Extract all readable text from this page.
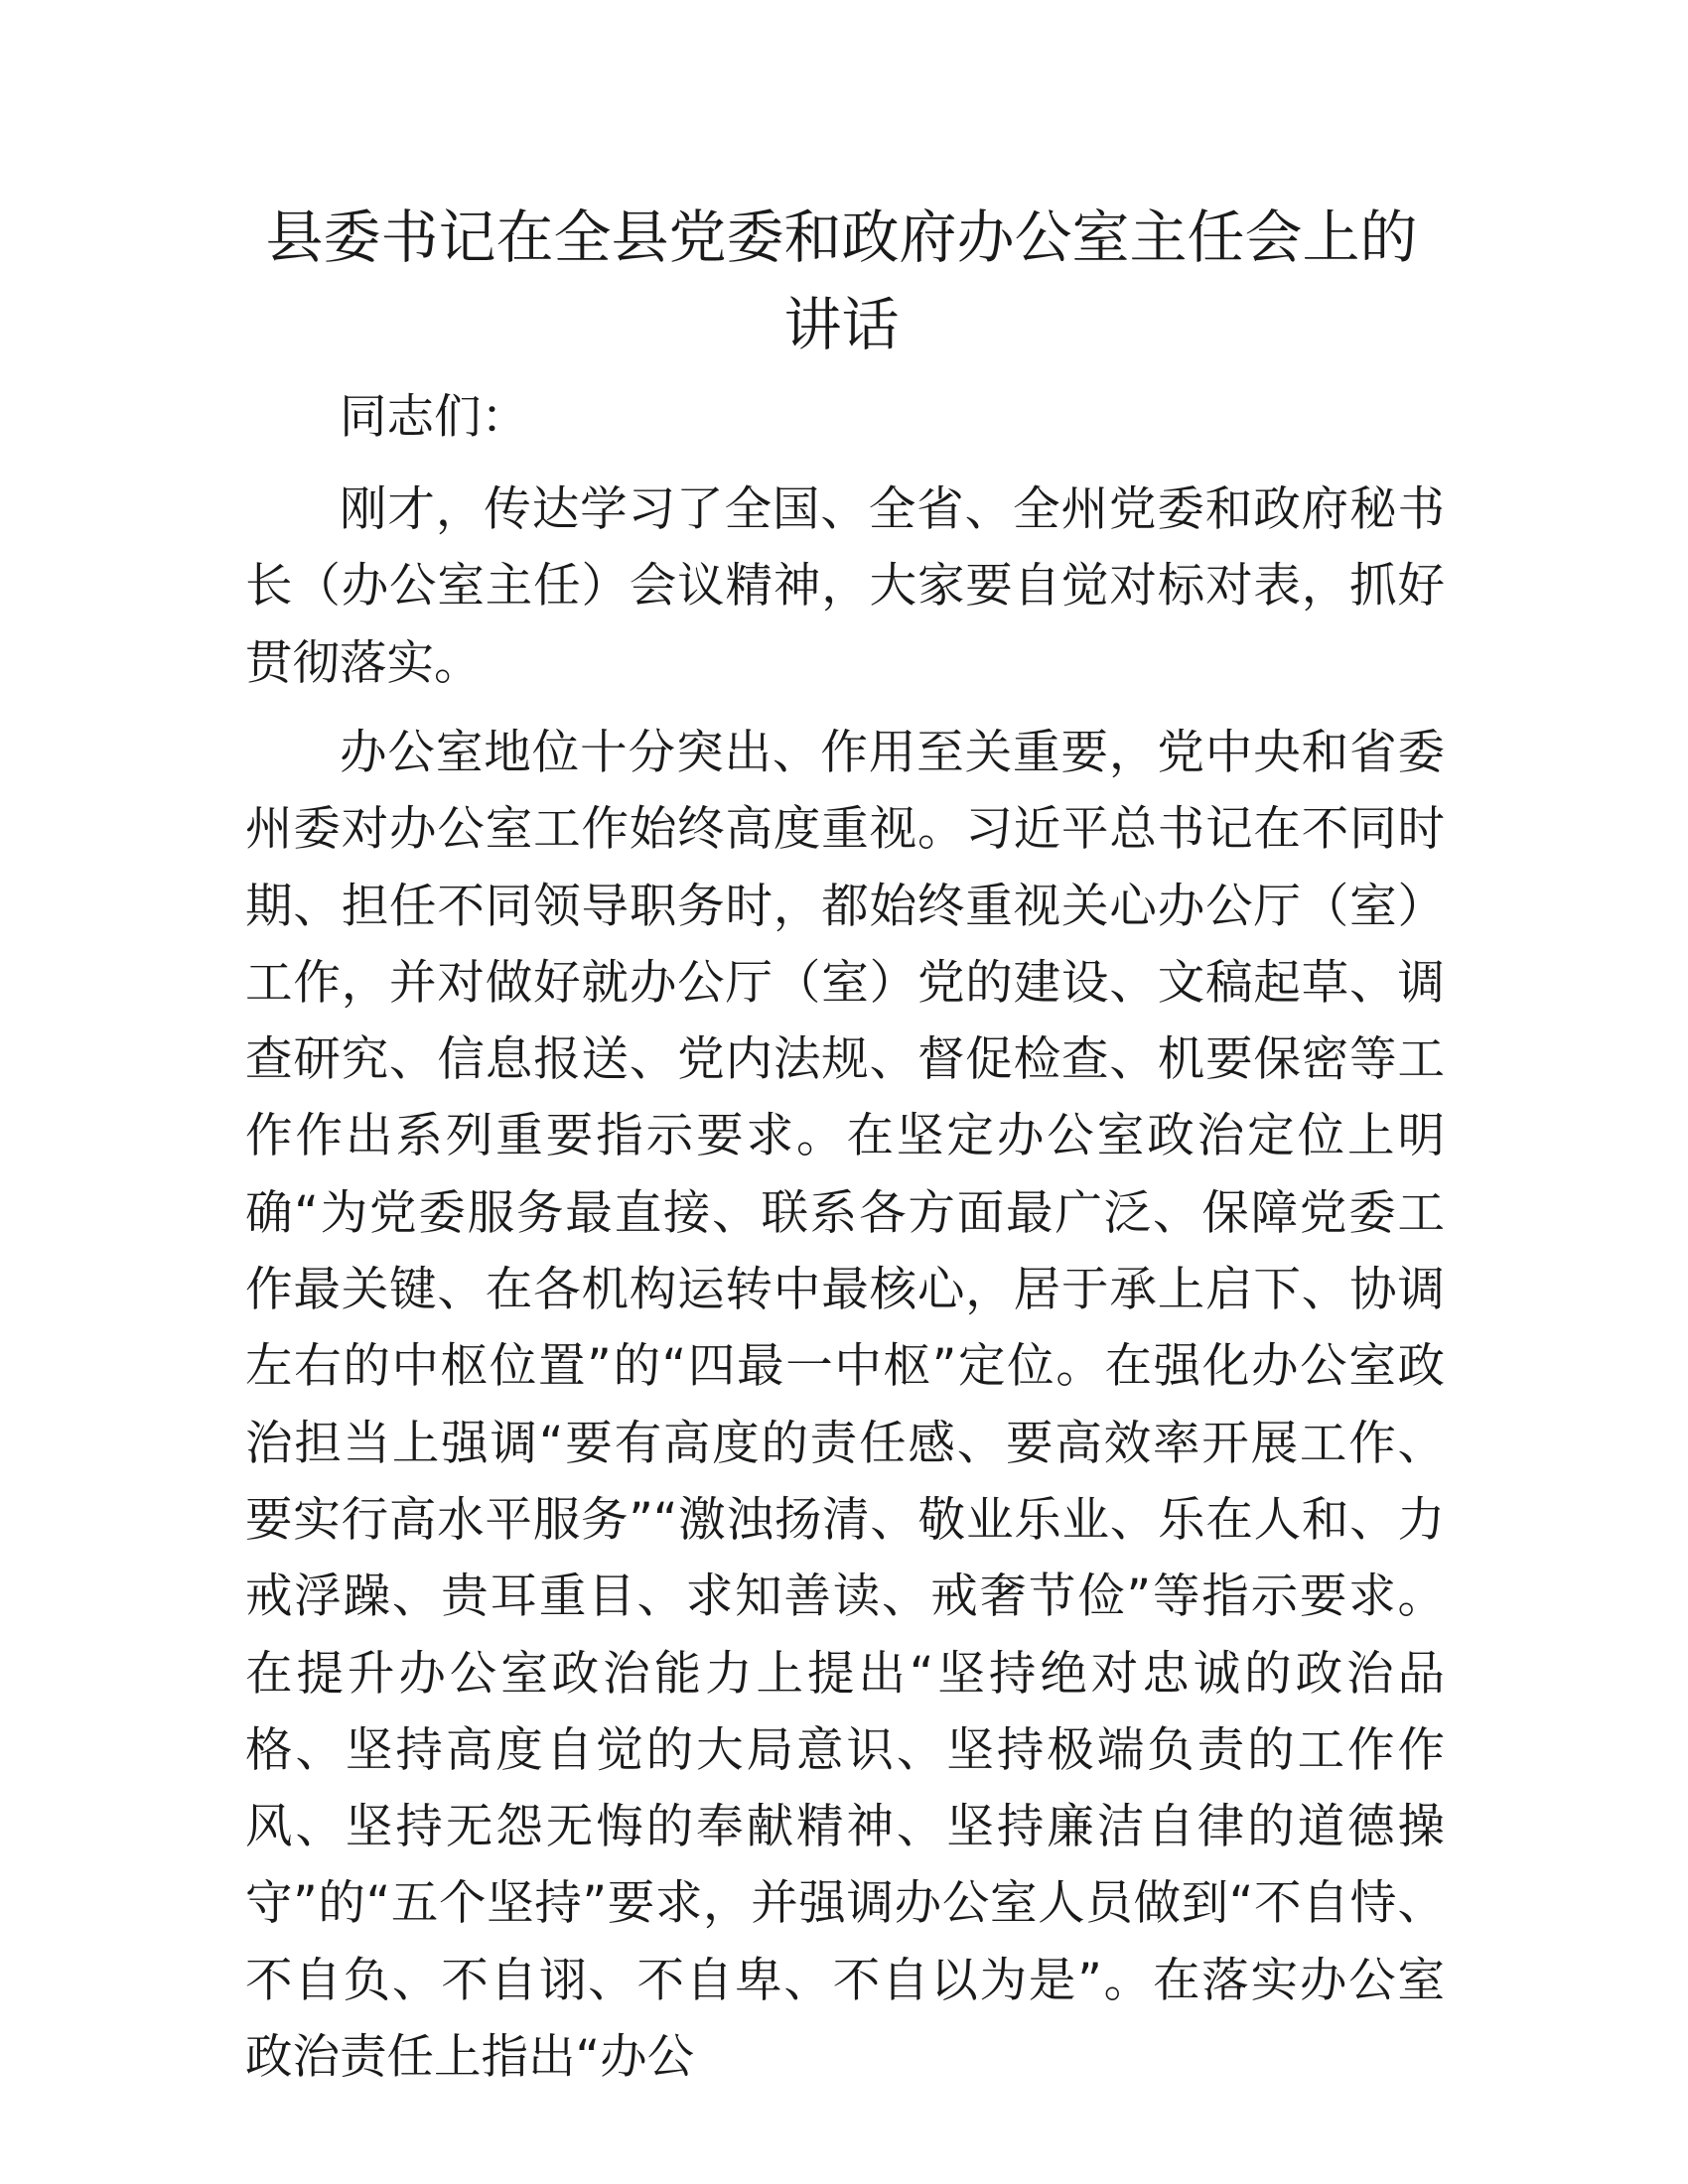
县委书记在全县党委和政府办公室主任会上的
讲话

同志们：

刚才，传达学习了全国、全省、全州党委和政府秘书长（办公室主任）会议精神，大家要自觉对标对表，抓好贯彻落实。

办公室地位十分突出、作用至关重要，党中央和省委州委对办公室工作始终高度重视。习近平总书记在不同时期、担任不同领导职务时，都始终重视关心办公厅（室）工作，并对做好就办公厅（室）党的建设、文稿起草、调查研究、信息报送、党内法规、督促检查、机要保密等工作作出系列重要指示要求。在坚定办公室政治定位上明确“为党委服务最直接、联系各方面最广泛、保障党委工作最关键、在各机构运转中最核心，居于承上启下、协调左右的中枢位置”的“四最一中枢”定位。在强化办公室政治担当上强调“要有高度的责任感、要高效率开展工作、要实行高水平服务”“激浊扬清、敬业乐业、乐在人和、力戒浮躁、贵耳重目、求知善读、戒奢节俭”等指示要求。在提升办公室政治能力上提出“坚持绝对忠诚的政治品格、坚持高度自觉的大局意识、坚持极端负责的工作作风、坚持无怨无悔的奉献精神、坚持廉洁自律的道德操守”的“五个坚持”要求，并强调办公室人员做到“不自恃、不自负、不自诩、不自卑、不自以为是”。在落实办公室政治责任上指出“办公
